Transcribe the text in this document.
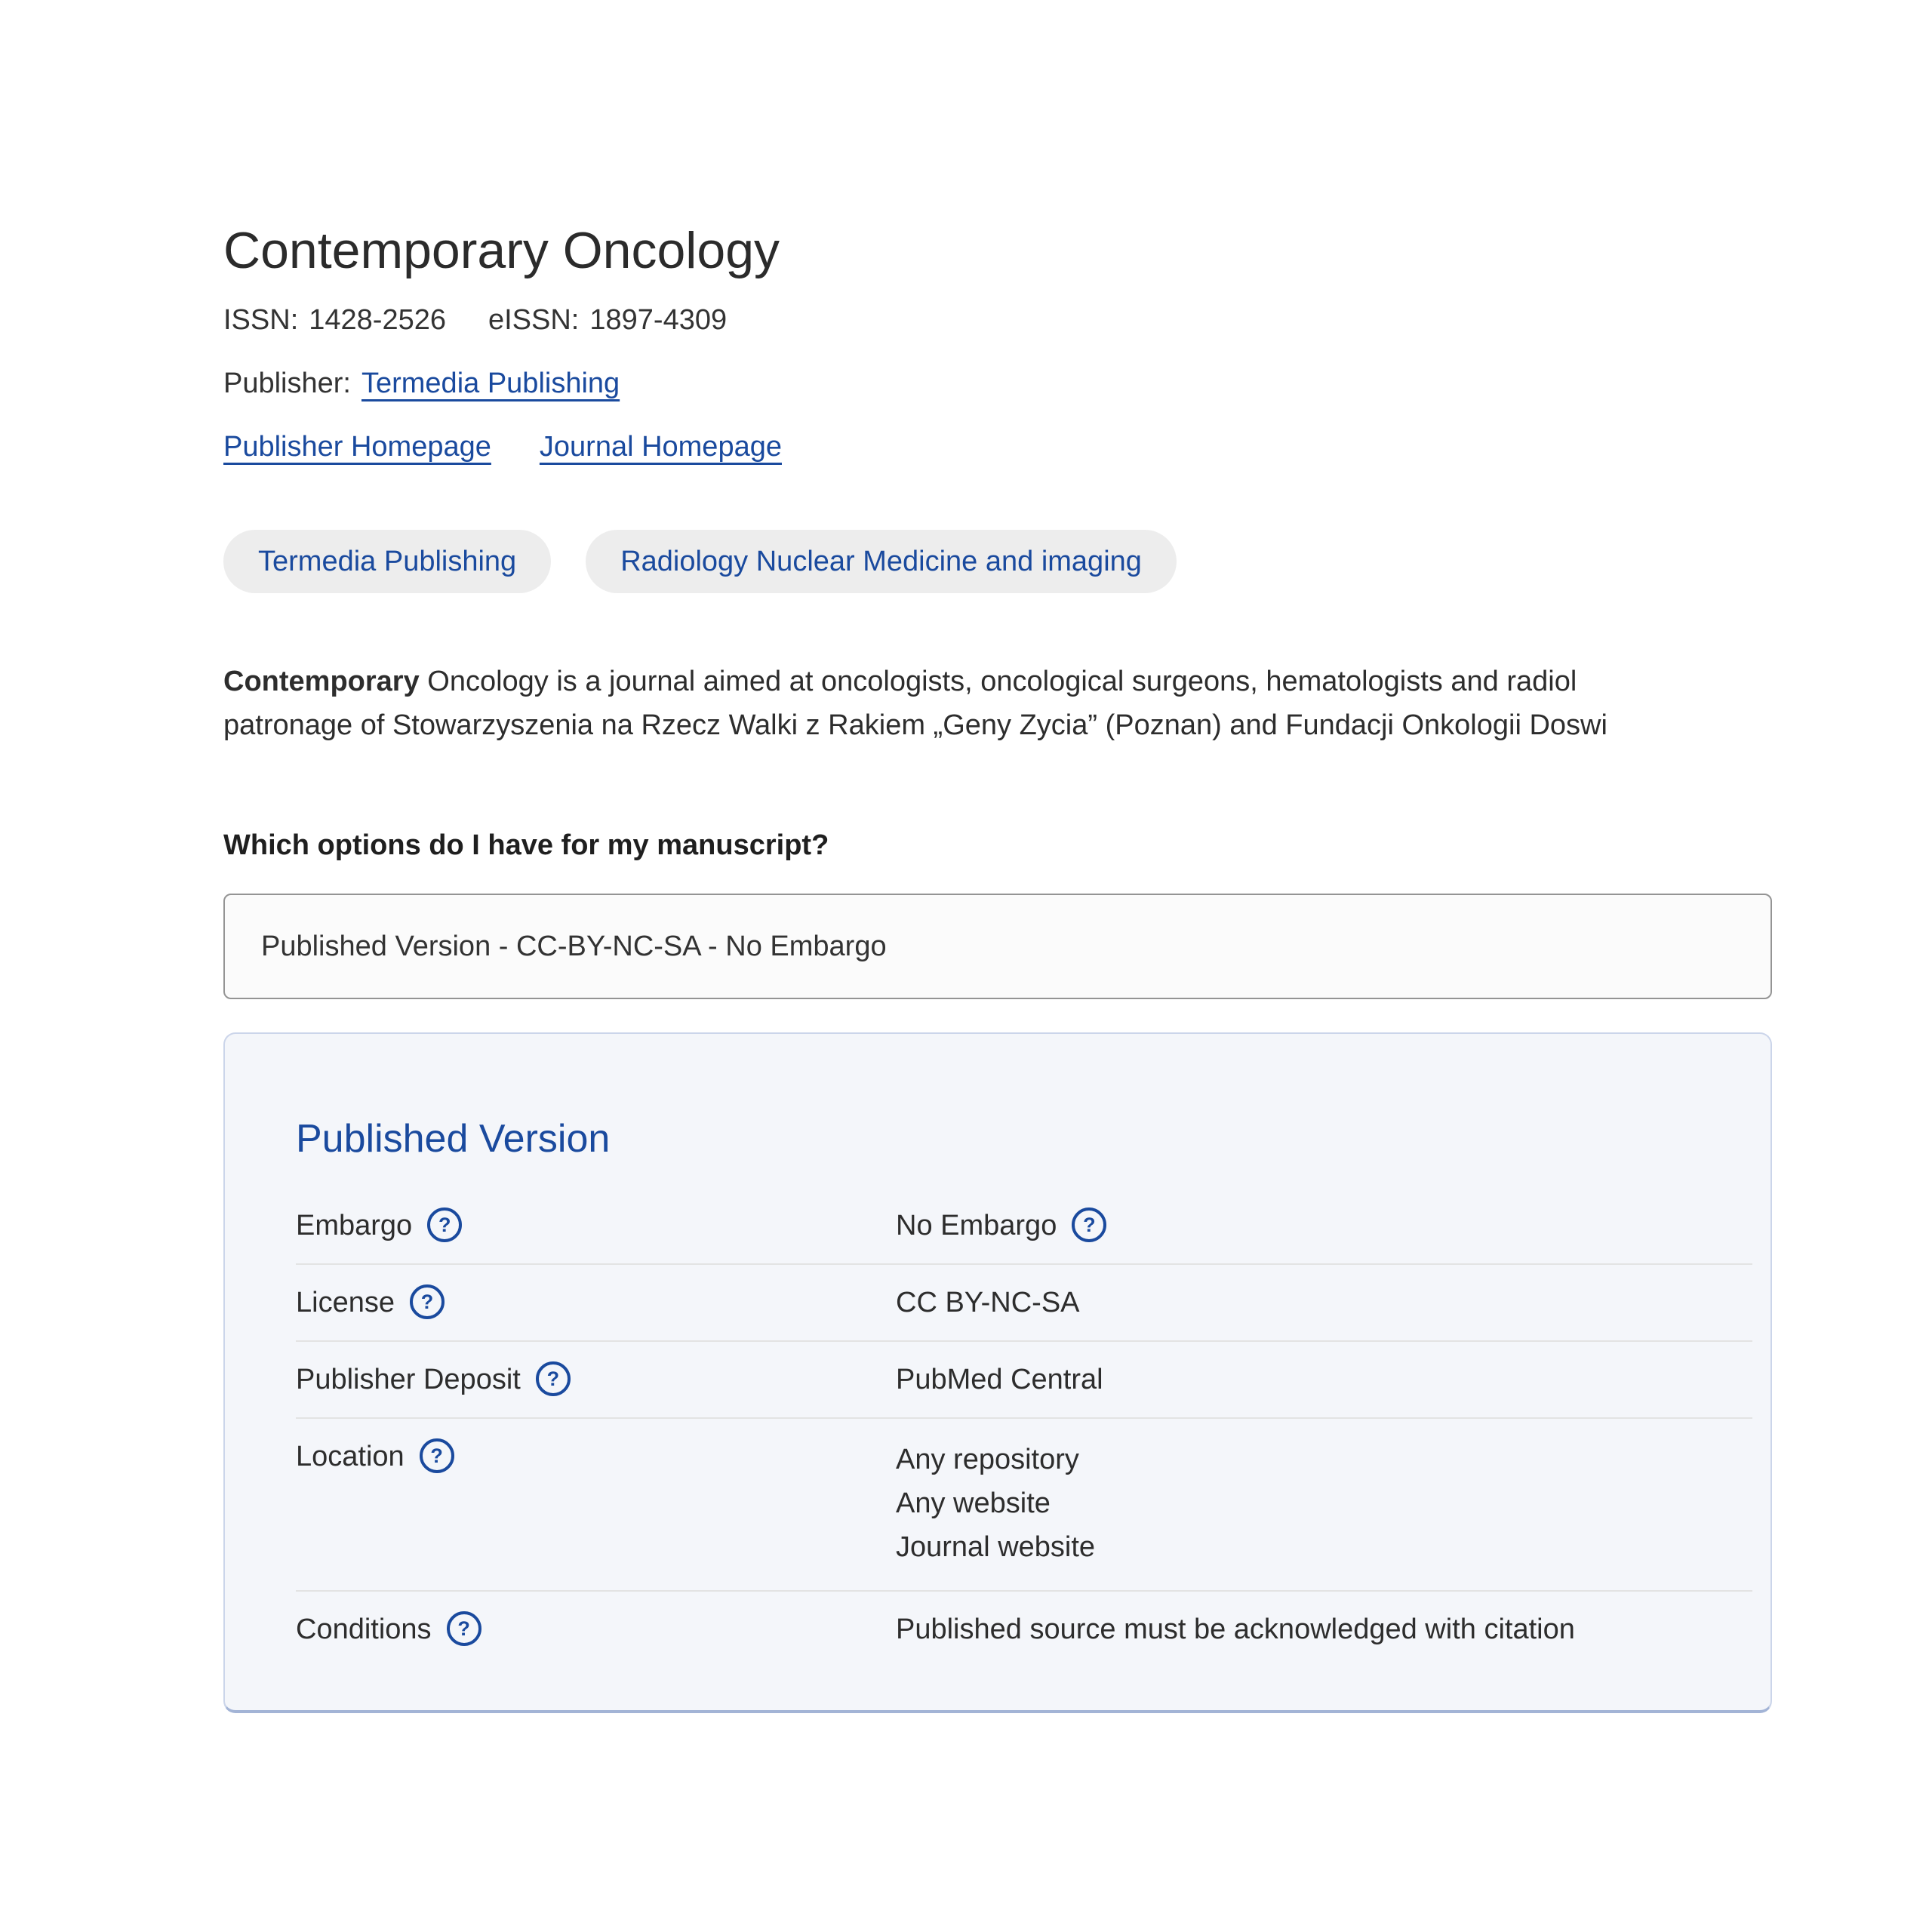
Contemporary Oncology
ISSN: 1428-2526 eISSN: 1897-4309
Publisher: Termedia Publishing
Publisher Homepage Journal Homepage
Termedia Publishing	Radiology Nuclear Medicine and imaging
Contemporary Oncology is a journal aimed at oncologists, oncological surgeons, hematologists and radiol
patronage of Stowarzyszenia na Rzecz Walki z Rakiem „Geny Zycia” (Poznan) and Fundacji Onkologii Doswi
Which options do I have for my manuscript?
Published Version - CC-BY-NC-SA - No Embargo
Published Version
Embargo	?	No Embargo	?
License	?	CC BY-NC-SA
Publisher Deposit	?	PubMed Central
Location	?	Any repository
Any website
Journal website
Conditions	?	Published source must be acknowledged with citation
